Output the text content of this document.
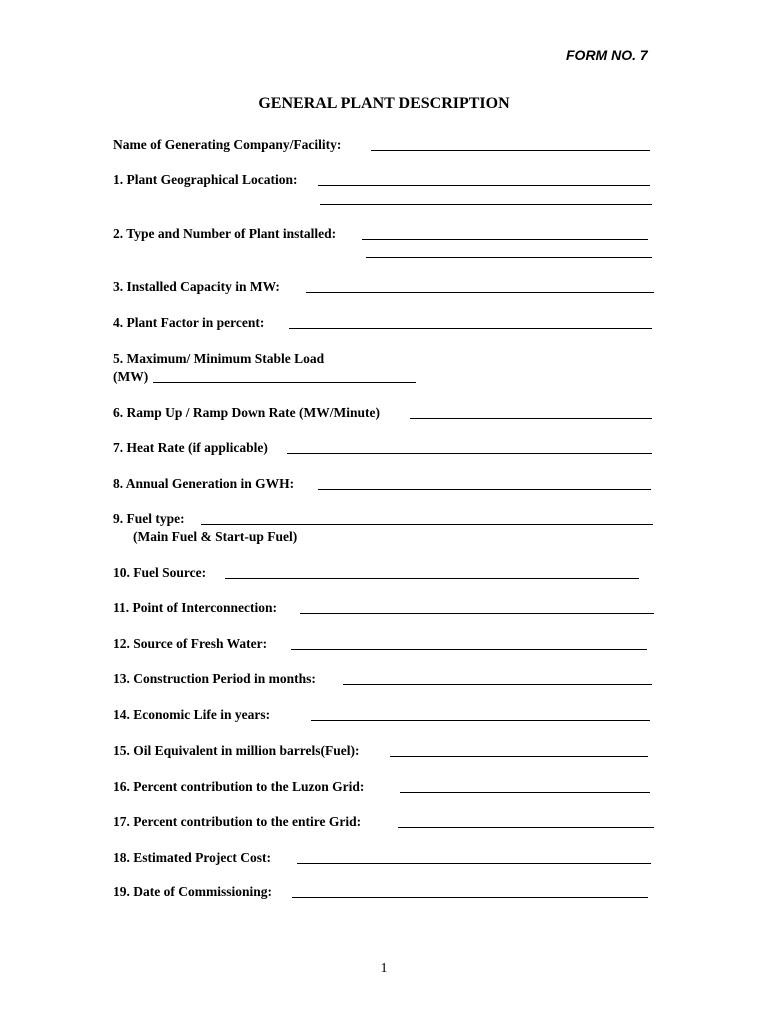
FORM NO. 7
GENERAL PLANT DESCRIPTION
Name of Generating Company/Facility:
1. Plant Geographical Location:
2. Type and Number of Plant installed:
3. Installed Capacity in MW:
4. Plant Factor in percent:
5. Maximum/ Minimum Stable Load
(MW)
6. Ramp Up / Ramp Down Rate (MW/Minute)
7. Heat Rate (if applicable)
8. Annual Generation in GWH:
9. Fuel type:
(Main Fuel & Start-up Fuel)
10. Fuel Source:
11. Point of Interconnection:
12. Source of Fresh Water:
13. Construction Period in months:
14. Economic Life in years:
15. Oil Equivalent in million barrels(Fuel):
16. Percent contribution to the Luzon Grid:
17. Percent contribution to the entire Grid:
18. Estimated Project Cost:
19. Date of Commissioning:
1
